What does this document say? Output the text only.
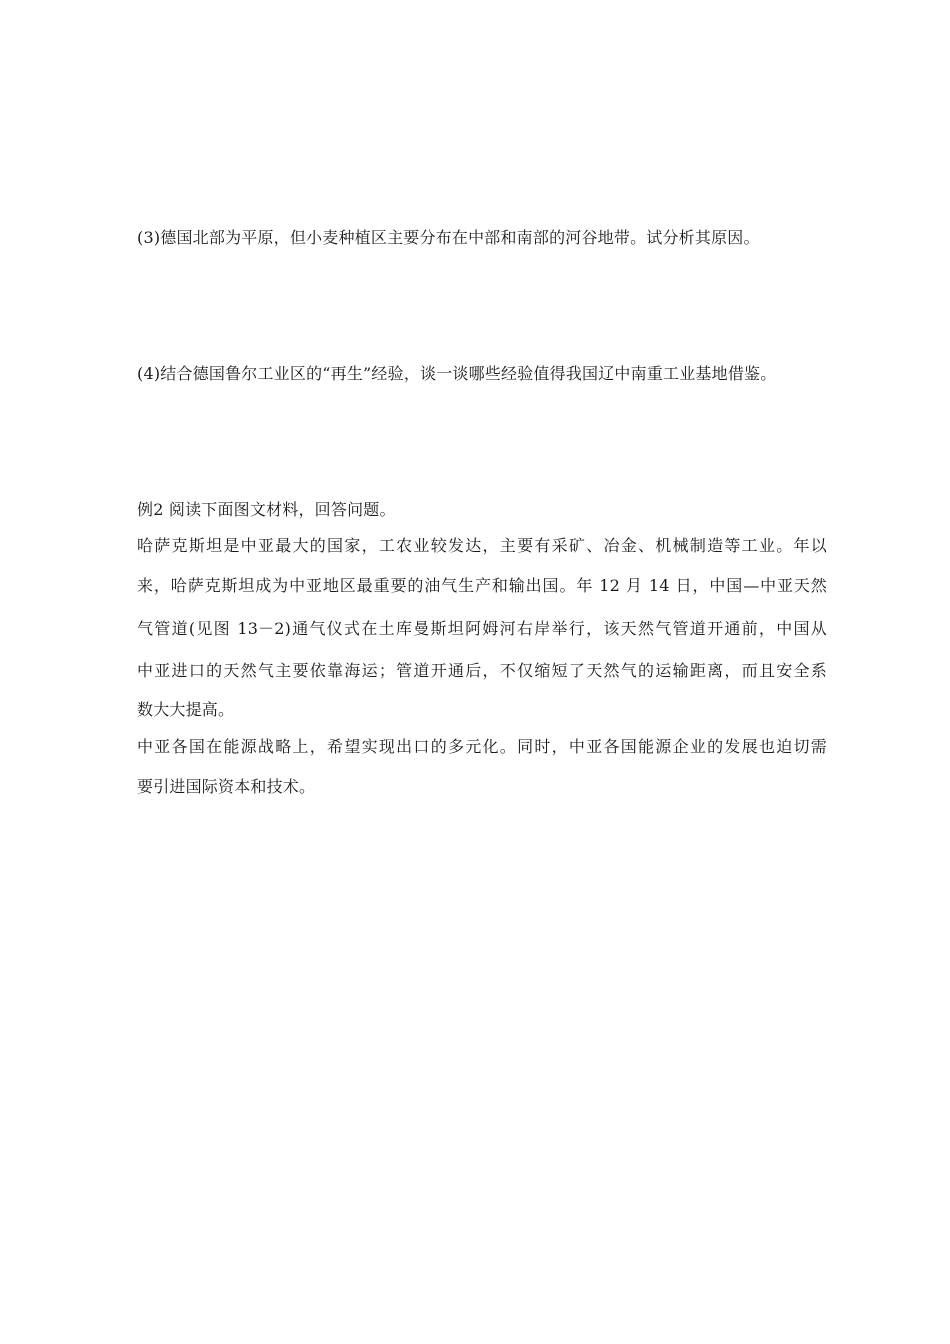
(3)德国北部为平原，但小麦种植区主要分布在中部和南部的河谷地带。试分析其原因。
(4)结合德国鲁尔工业区的“再生”经验，谈一谈哪些经验值得我国辽中南重工业基地借鉴。
例2 阅读下面图文材料，回答问题。
哈萨克斯坦是中亚最大的国家，工农业较发达，主要有采矿、冶金、机械制造等工业。年以
来，哈萨克斯坦成为中亚地区最重要的油气生产和输出国。年 12 月 14 日，中国—中亚天然
气管道(见图 13－2)通气仪式在土库曼斯坦阿姆河右岸举行，该天然气管道开通前，中国从
中亚进口的天然气主要依靠海运；管道开通后，不仅缩短了天然气的运输距离，而且安全系
数大大提高。
中亚各国在能源战略上，希望实现出口的多元化。同时，中亚各国能源企业的发展也迫切需
要引进国际资本和技术。
